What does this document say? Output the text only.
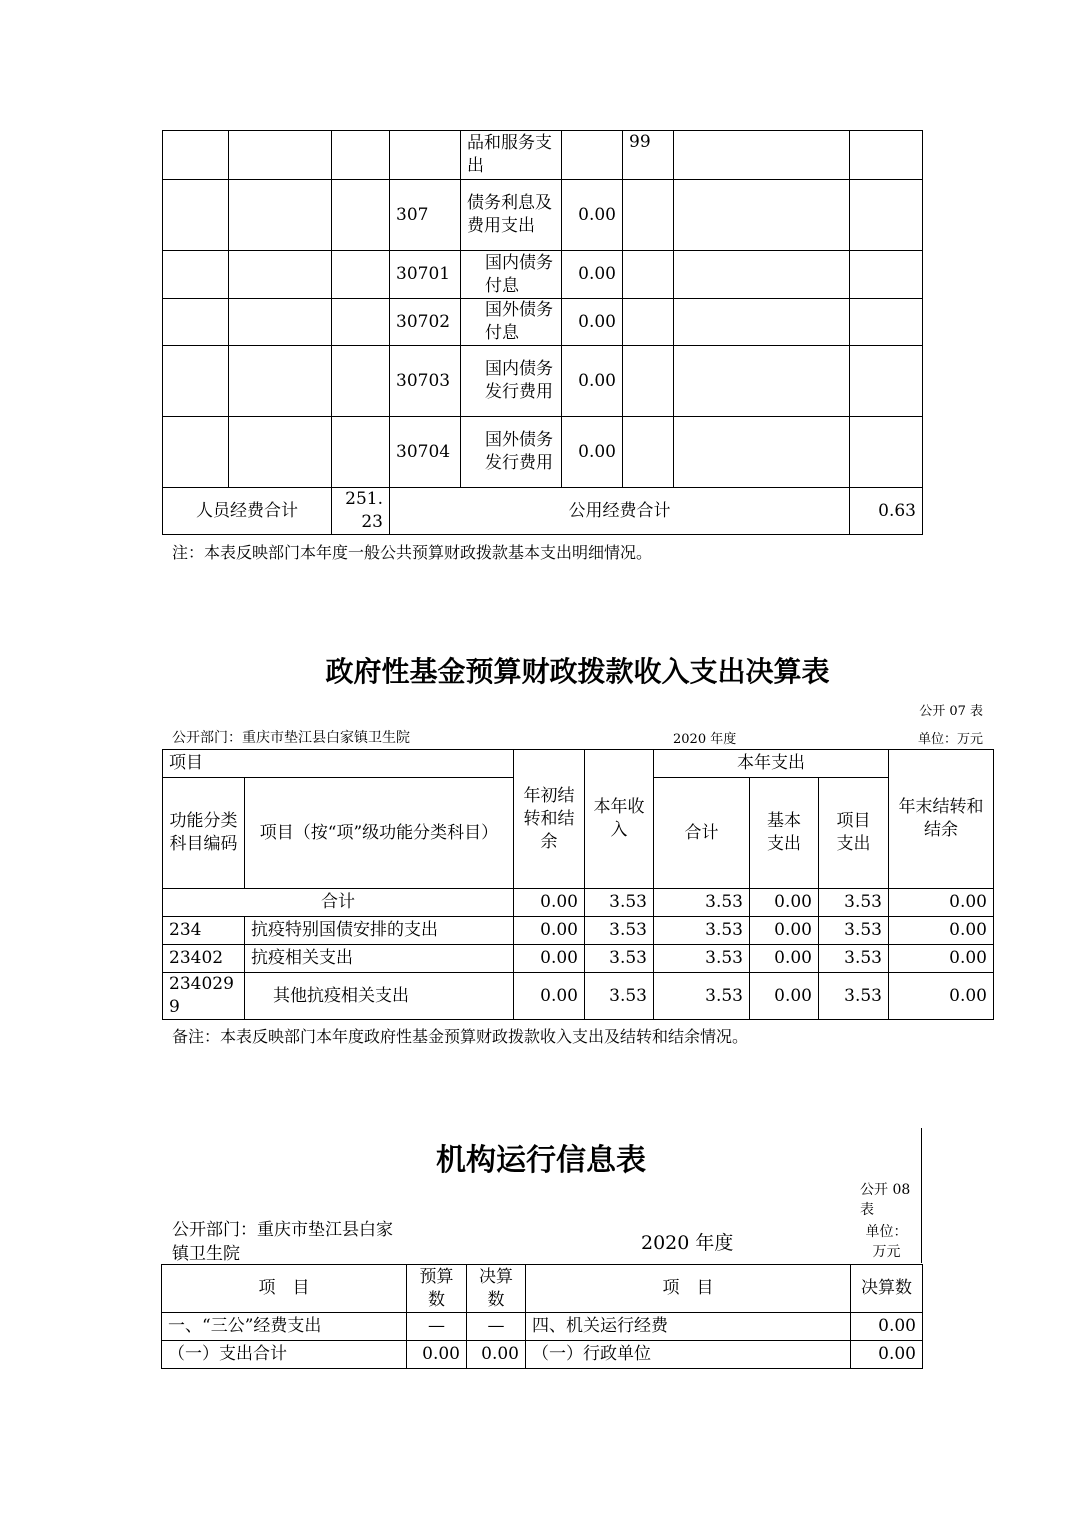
				品和服务支出		99		
			307	债务利息及费用支出	0.00			
			30701	国内债务付息	0.00			
			30702	国外债务付息	0.00			
			30703	国内债务发行费用	0.00			
			30704	国外债务发行费用	0.00			
人员经费合计		251.23	公用经费合计					0.63
注：本表反映部门本年度一般公共预算财政拨款基本支出明细情况。
政府性基金预算财政拨款收入支出决算表
公开 07 表
公开部门：重庆市垫江县白家镇卫生院	2020 年度	单位：万元
项目		年初结转和结余	本年收入	本年支出			年末结转和结余
功能分类科目编码	项目（按“项”级功能分类科目）			合计	基本支出	项目支出	
合计		0.00	3.53	3.53	0.00	3.53	0.00
234	抗疫特别国债安排的支出	0.00	3.53	3.53	0.00	3.53	0.00
23402	抗疫相关支出	0.00	3.53	3.53	0.00	3.53	0.00
2340299	其他抗疫相关支出	0.00	3.53	3.53	0.00	3.53	0.00
备注：本表反映部门本年度政府性基金预算财政拨款收入支出及结转和结余情况。
机构运行信息表
公开 08 表
公开部门：重庆市垫江县白家镇卫生院	2020 年度	单位：万元
项　目	预算数	决算数	项　目	决算数
一、“三公”经费支出	—	—	四、机关运行经费	0.00
（一）支出合计	0.00	0.00	（一）行政单位	0.00
